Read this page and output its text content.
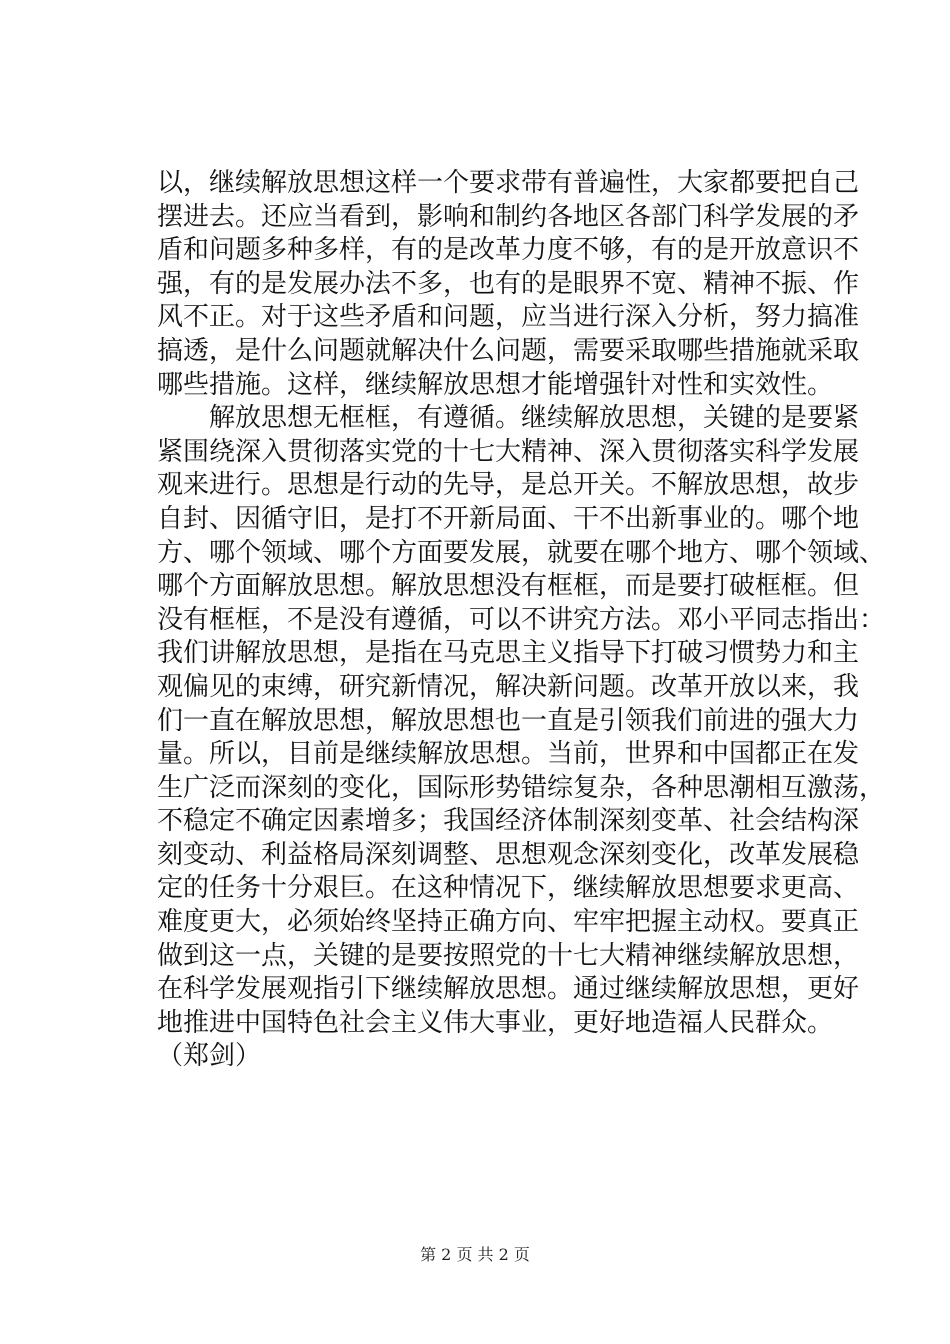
以，继续解放思想这样一个要求带有普遍性，大家都要把自己
摆进去。还应当看到，影响和制约各地区各部门科学发展的矛
盾和问题多种多样，有的是改革力度不够，有的是开放意识不
强，有的是发展办法不多，也有的是眼界不宽、精神不振、作
风不正。对于这些矛盾和问题，应当进行深入分析，努力搞准
搞透，是什么问题就解决什么问题，需要采取哪些措施就采取
哪些措施。这样，继续解放思想才能增强针对性和实效性。
解放思想无框框，有遵循。继续解放思想，关键的是要紧
紧围绕深入贯彻落实党的十七大精神、深入贯彻落实科学发展
观来进行。思想是行动的先导，是总开关。不解放思想，故步
自封、因循守旧，是打不开新局面、干不出新事业的。哪个地
方、哪个领域、哪个方面要发展，就要在哪个地方、哪个领域、
哪个方面解放思想。解放思想没有框框，而是要打破框框。但
没有框框，不是没有遵循，可以不讲究方法。邓小平同志指出：
我们讲解放思想，是指在马克思主义指导下打破习惯势力和主
观偏见的束缚，研究新情况，解决新问题。改革开放以来，我
们一直在解放思想，解放思想也一直是引领我们前进的强大力
量。所以，目前是继续解放思想。当前，世界和中国都正在发
生广泛而深刻的变化，国际形势错综复杂，各种思潮相互激荡，
不稳定不确定因素增多；我国经济体制深刻变革、社会结构深
刻变动、利益格局深刻调整、思想观念深刻变化，改革发展稳
定的任务十分艰巨。在这种情况下，继续解放思想要求更高、
难度更大，必须始终坚持正确方向、牢牢把握主动权。要真正
做到这一点，关键的是要按照党的十七大精神继续解放思想，
在科学发展观指引下继续解放思想。通过继续解放思想，更好
地推进中国特色社会主义伟大事业，更好地造福人民群众。
（郑剑）
第 2 页 共 2 页
